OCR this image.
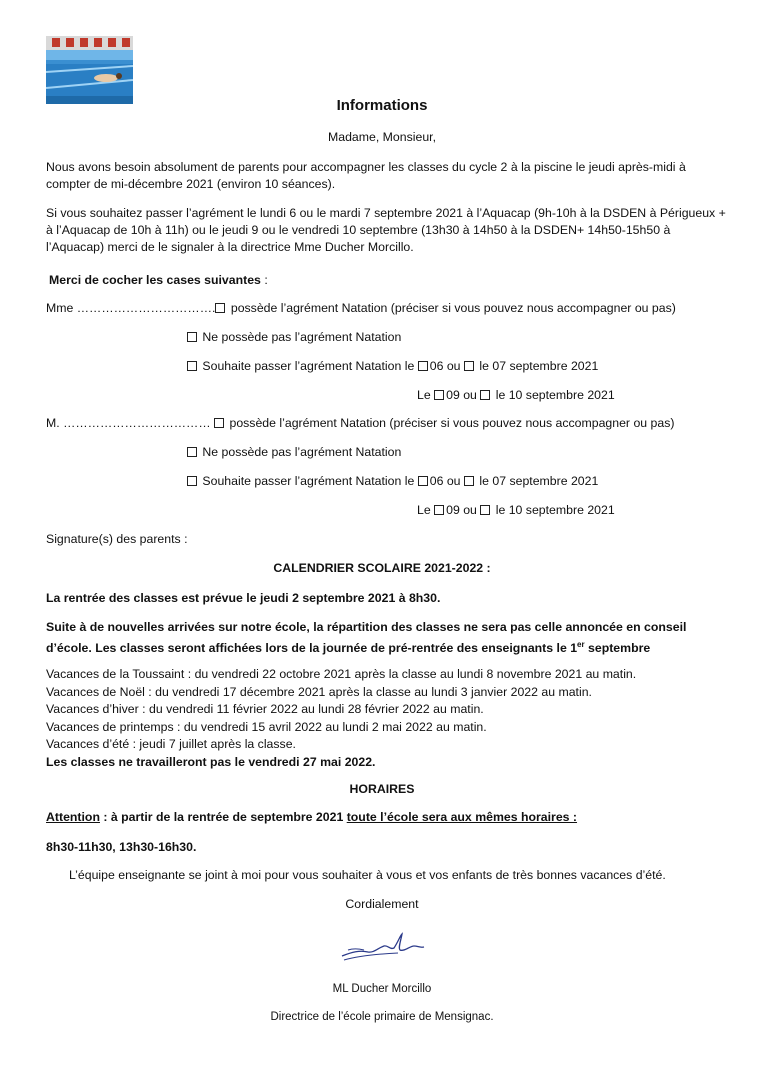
Informations
Madame, Monsieur,
Nous avons besoin absolument de parents pour accompagner les classes du cycle 2 à la piscine le jeudi après-midi à compter de mi-décembre 2021 (environ 10 séances).
Si vous souhaitez passer l’agrément le lundi 6 ou le mardi 7 septembre 2021 à l’Aquacap (9h-10h à la DSDEN à Périgueux + à l’Aquacap de 10h à 11h) ou le jeudi 9 ou le vendredi 10 septembre (13h30 à 14h50 à la DSDEN+ 14h50-15h50 à l’Aquacap) merci de le signaler à la directrice Mme Ducher Morcillo.
Merci de cocher les cases suivantes :
Mme ……………………………. possède l’agrément Natation (préciser si vous pouvez nous accompagner ou pas)
Ne possède pas l’agrément Natation
Souhaite passer l’agrément Natation le 06 ou  le 07 septembre 2021
Le 09 ou  le 10 septembre 2021
M. ………………………………  possède l’agrément Natation (préciser si vous pouvez nous accompagner ou pas)
Ne possède pas l’agrément Natation
Souhaite passer l’agrément Natation le 06 ou  le 07 septembre 2021
Le 09 ou  le 10 septembre 2021
Signature(s) des parents :
CALENDRIER SCOLAIRE 2021-2022 :
La rentrée des classes est prévue le jeudi 2 septembre 2021 à 8h30.
Suite à de nouvelles arrivées sur notre école, la répartition des classes ne sera pas celle annoncée en conseil d’école. Les classes seront affichées lors de la journée de pré-rentrée des enseignants le 1er septembre
Vacances de la Toussaint : du vendredi 22 octobre 2021 après la classe au lundi 8 novembre 2021 au matin.
Vacances de Noël : du vendredi 17 décembre 2021 après la classe au lundi 3 janvier 2022 au matin.
Vacances d’hiver : du vendredi 11 février 2022 au lundi 28 février 2022 au matin.
Vacances de printemps : du vendredi 15 avril 2022 au lundi 2 mai 2022 au matin.
Vacances d’été : jeudi 7 juillet après la classe.
Les classes ne travailleront pas le vendredi 27 mai 2022.
HORAIRES
Attention : à partir de la rentrée de septembre 2021 toute l’école sera aux mêmes horaires :
8h30-11h30, 13h30-16h30.
L’équipe enseignante se joint à moi pour vous souhaiter à vous et vos enfants de très bonnes vacances d’été.
Cordialement
ML Ducher Morcillo
Directrice de l’école primaire de Mensignac.
